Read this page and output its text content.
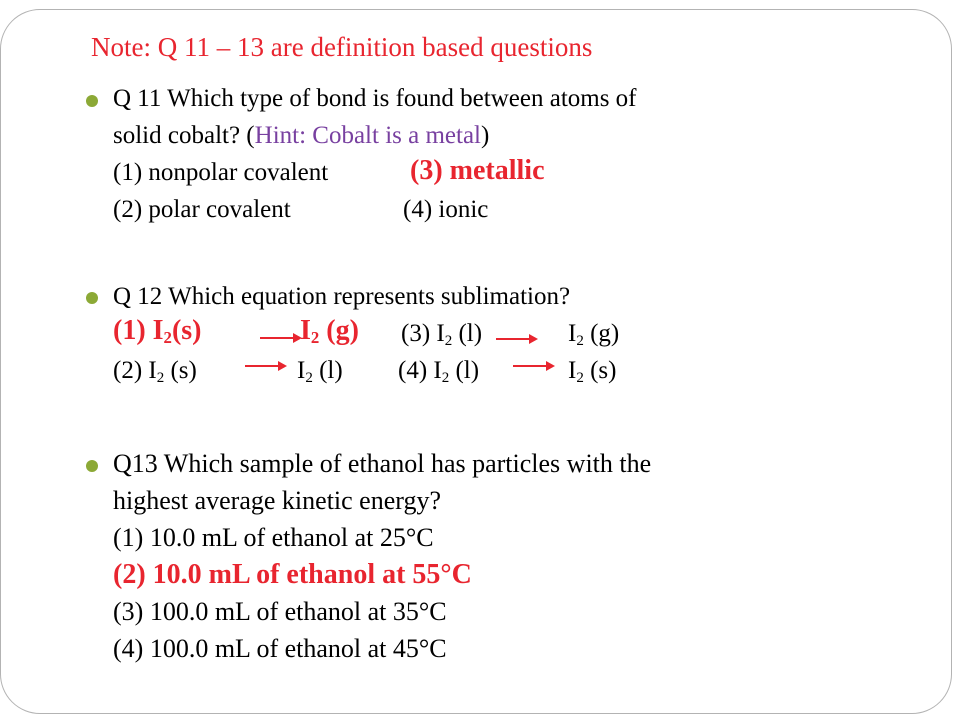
Note: Q 11 – 13 are definition based questions
Q 11 Which type of bond is found between atoms of
solid cobalt? (Hint: Cobalt is a metal)
(1) nonpolar covalent	(3) metallic
(2) polar covalent	(4) ionic
Q 12 Which equation represents sublimation?
(1) $I_2(s) \to I_2$ (g) (3) $I_2$ $(l) \to I_2$ (g)
(2) $I_2$ $(s) \to I_2$ (l) (4) $I_2$ $(l) \to I_2$ (s)
Q13 Which sample of ethanol has particles with the
highest average kinetic energy?
(1) 10.0 mL of ethanol at 25°C
(2) 10.0 mL of ethanol at 55°C
(3) 100.0 mL of ethanol at 35°C
(4) 100.0 mL of ethanol at 45°C
